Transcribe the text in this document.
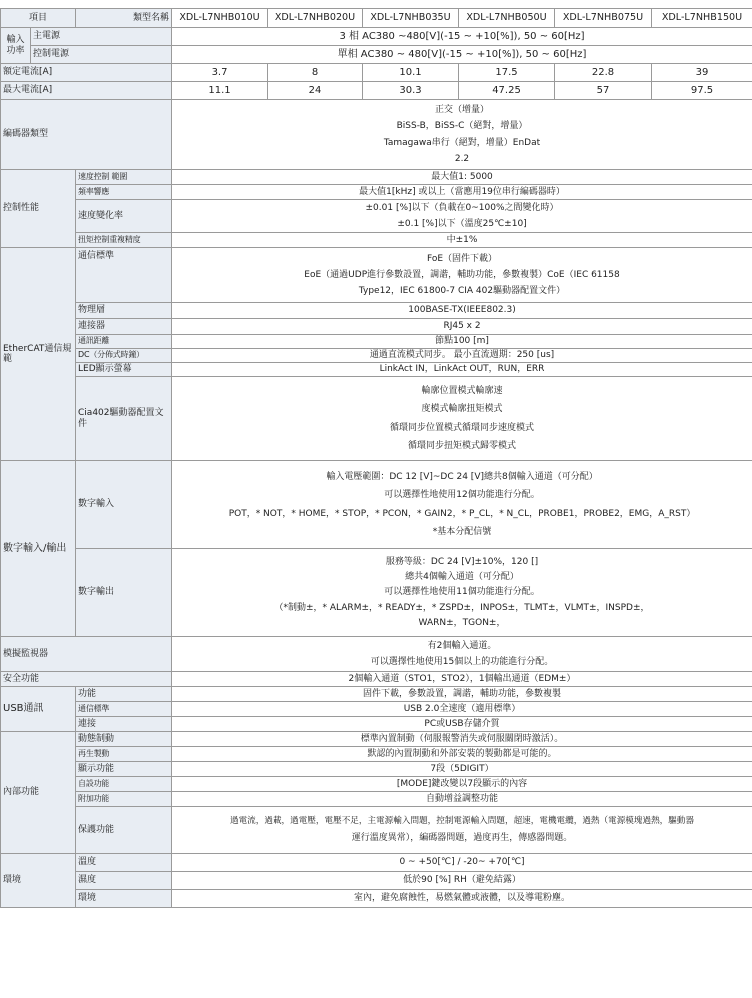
項目		類型名稱	XDL-L7NHB010U	XDL-L7NHB020U	XDL-L7NHB035U	XDL-L7NHB050U	XDL-L7NHB075U	XDL-L7NHB150U
輸入功率	主電源		3 相 AC380 ~480[V](-15 ~ +10[%]), 50 ~ 60[Hz]					
	控制電源		單相 AC380 ~ 480[V](-15 ~ +10[%]), 50 ~ 60[Hz]					
額定電流[A]			3.7	8	10.1	17.5	22.8	39
最大電流[A]			11.1	24	30.3	47.25	57	97.5
編碼器類型			正交（增量）
BiSS-B，BiSS-C（絕對，增量）
Tamagawa串行（絕對，增量）EnDat
2.2					

控制性能		速度控制 範圍	最大值1: 5000					
		頻率響應	最大值1[kHz] 或以上（當應用19位串行編碼器時）					
		速度變化率	±0.01 [%]以下（負載在0~100%之間變化時）
±0.1 [%]以下（溫度25℃±10]					

		扭矩控制重複精度	中±1%					

EtherCAT通信規範		通信標準	FoE（固件下載）
EoE（通過UDP進行參數設置，調諧，輔助功能，參數複製）CoE（IEC 61158
Type12，IEC 61800-7 CIA 402驅動器配置文件）					

		物理層	100BASE-TX(IEEE802.3)					
		連接器	RJ45 x 2					
		通訊距離	節點100 [m]					
		DC（分佈式時鐘）	通過直流模式同步。 最小直流週期：250 [us]					
		LED顯示螢幕	LinkAct IN，LinkAct OUT，RUN，ERR					
		Cia402驅動器配置文件	輪廓位置模式輪廓速
度模式輪廓扭矩模式
循環同步位置模式循環同步速度模式
循環同步扭矩模式歸零模式					

數字輸入/輸出		數字輸入	輸入電壓範圍：DC 12 [V]~DC 24 [V]總共8個輸入通道（可分配）
可以選擇性地使用12個功能進行分配。
POT，* NOT，* HOME，* STOP，* PCON，* GAIN2，* P_CL，* N_CL，PROBE1，PROBE2，EMG，A_RST）
*基本分配信號					

		數字輸出	服務等級：DC 24 [V]±10%，120 []
總共4個輸入通道（可分配）
可以選擇性地使用11個功能進行分配。
（*制動±，* ALARM±，* READY±，* ZSPD±，INPOS±，TLMT±，VLMT±，INSPD±，
WARN±，TGON±，					

模擬監視器			有2個輸入通道。
可以選擇性地使用15個以上的功能進行分配。					

安全功能			2個輸入通道（STO1，STO2），1個輸出通道（EDM±）					
USB通訊		功能	固件下載，參數設置，調諧，輔助功能，參數複製					
		通信標準	USB 2.0全速度（適用標準）					
		連接	PC或USB存儲介質					
內部功能		動態制動	標準內置制動（伺服報警消失或伺服關閉時激活）。					
		再生製動	默認的內置制動和外部安裝的製動都是可能的。					
		顯示功能	7段（5DIGIT）					
		自設功能	[MODE]鍵改變以7段顯示的內容					
		附加功能	自動增益調整功能					
		保護功能	過電流，過載，過電壓，電壓不足，主電源輸入問題，控制電源輸入問題，超速，電機電纜，過熱（電源模塊過熱，驅動器
運行溫度異常），編碼器問題，過度再生，傳感器問題。					

環境		溫度	0 ~ +50[℃] / -20~ +70[℃]					
		濕度	低於90 [%] RH（避免結露）					
		環境	室內，避免腐蝕性，易燃氣體或液體，以及導電粉塵。					
